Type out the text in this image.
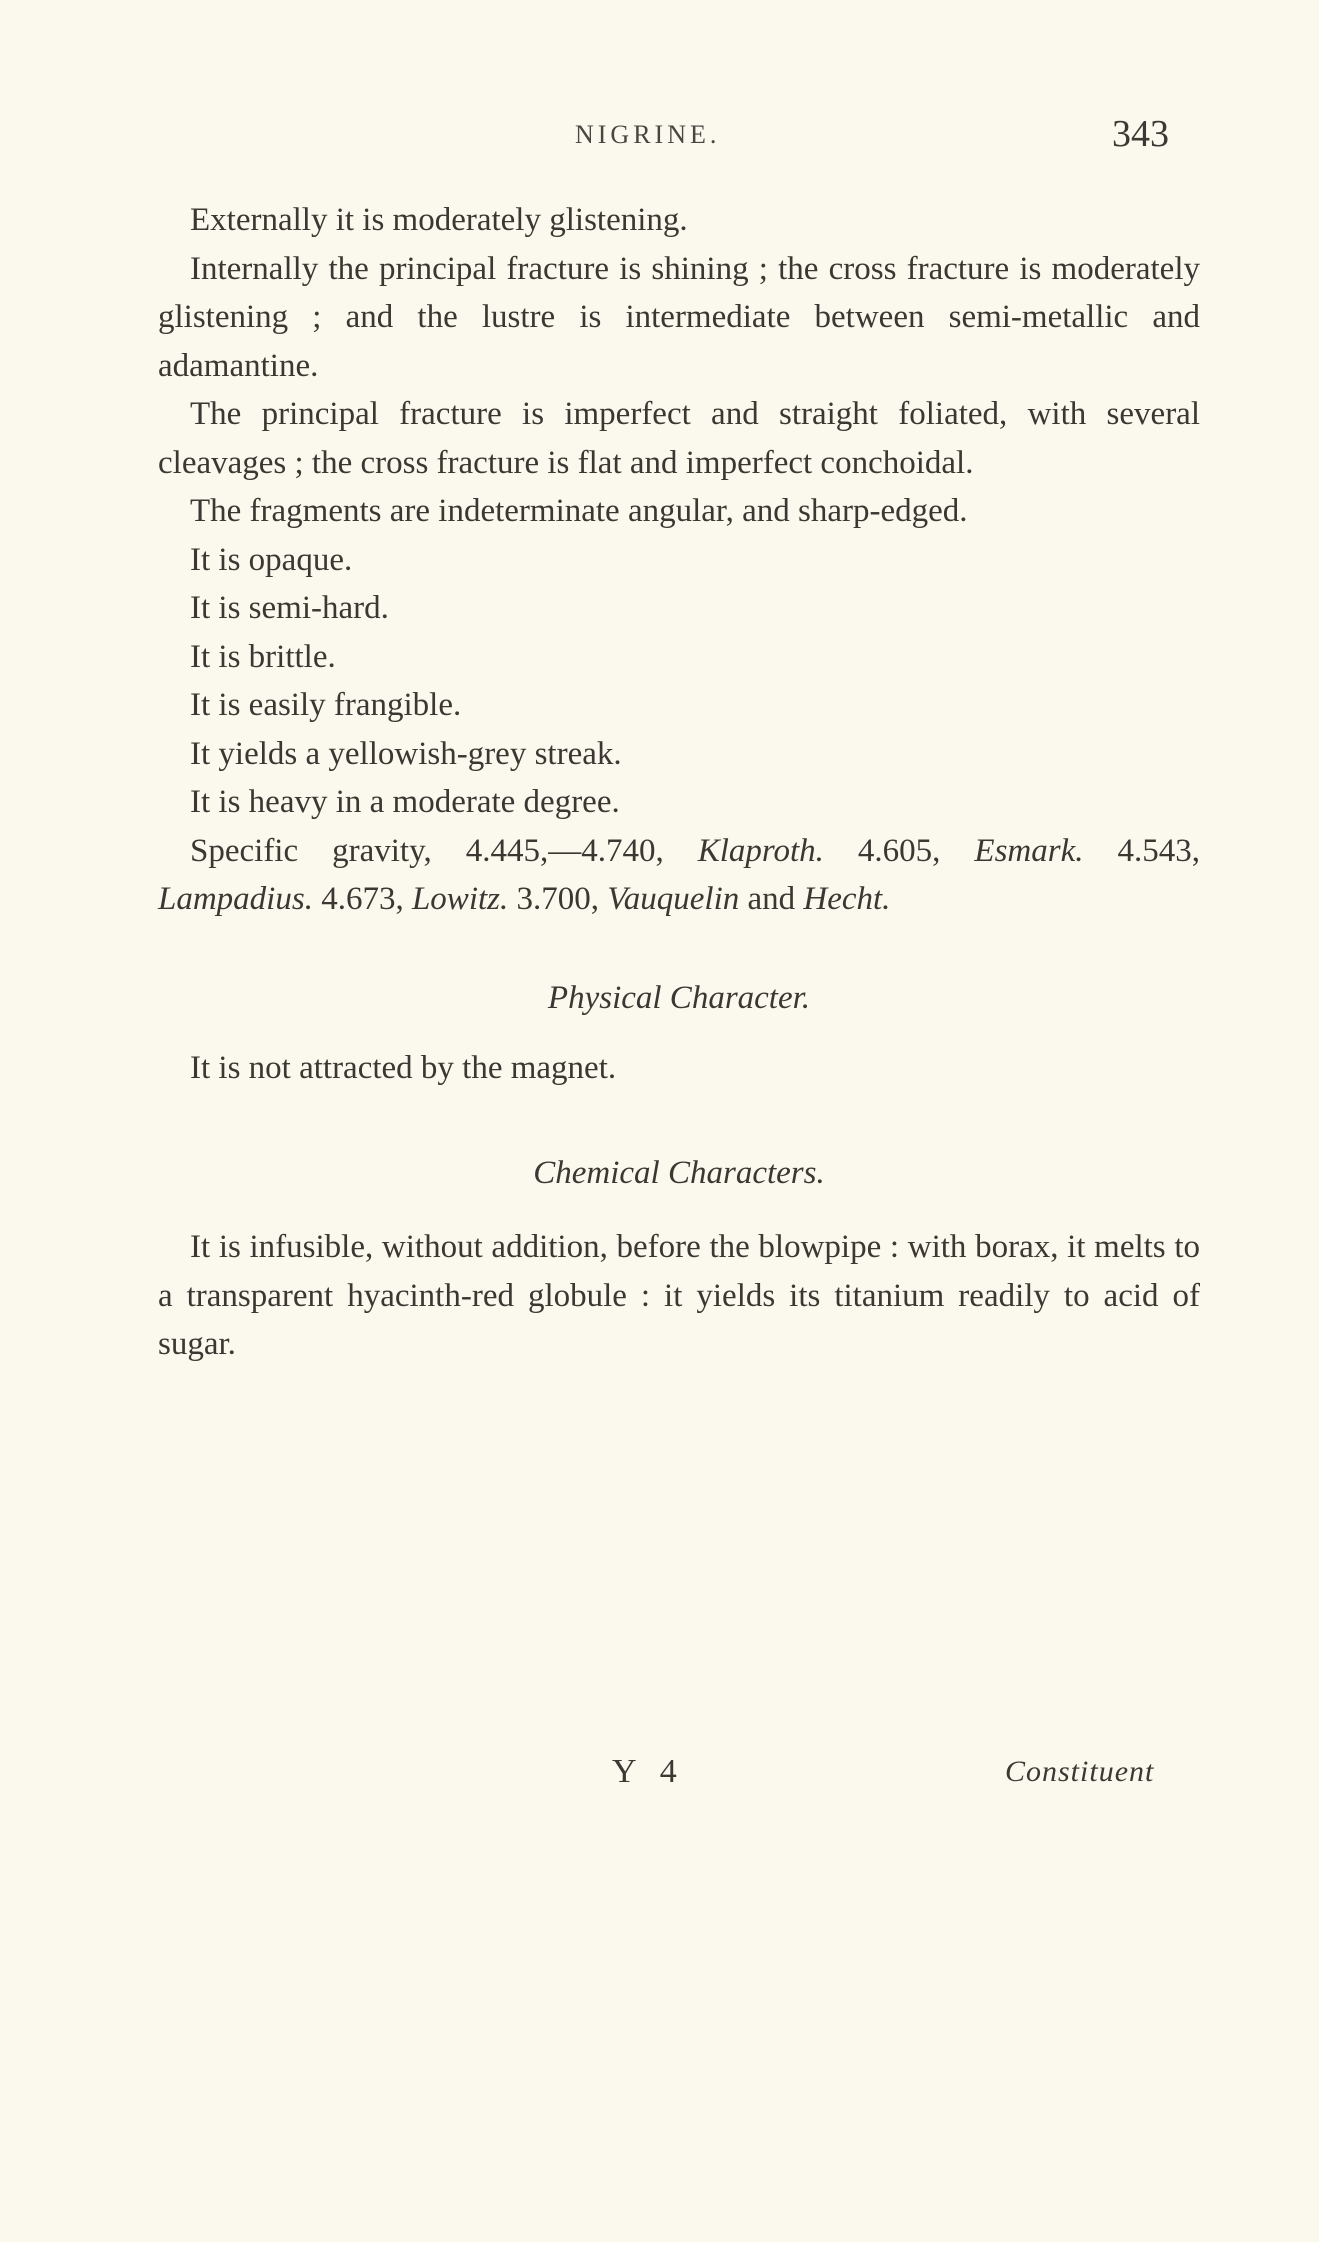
NIGRINE.	343

Externally it is moderately glistening.

Internally the principal fracture is shining ; the cross fracture is moderately glistening ; and the lustre is intermediate between semi-metallic and adamantine.

The principal fracture is imperfect and straight foliated, with several cleavages ; the cross fracture is flat and imperfect conchoidal.

The fragments are indeterminate angular, and sharp-edged.

It is opaque.

It is semi-hard.

It is brittle.

It is easily frangible.

It yields a yellowish-grey streak.

It is heavy in a moderate degree.

Specific gravity, 4.445,—4.740, Klaproth. 4.605, Esmark. 4.543, Lampadius. 4.673, Lowitz. 3.700, Vauquelin and Hecht.

Physical Character.

It is not attracted by the magnet.

Chemical Characters.

It is infusible, without addition, before the blowpipe : with borax, it melts to a transparent hyacinth-red globule : it yields its titanium readily to acid of sugar.

Y 4	Constituent
